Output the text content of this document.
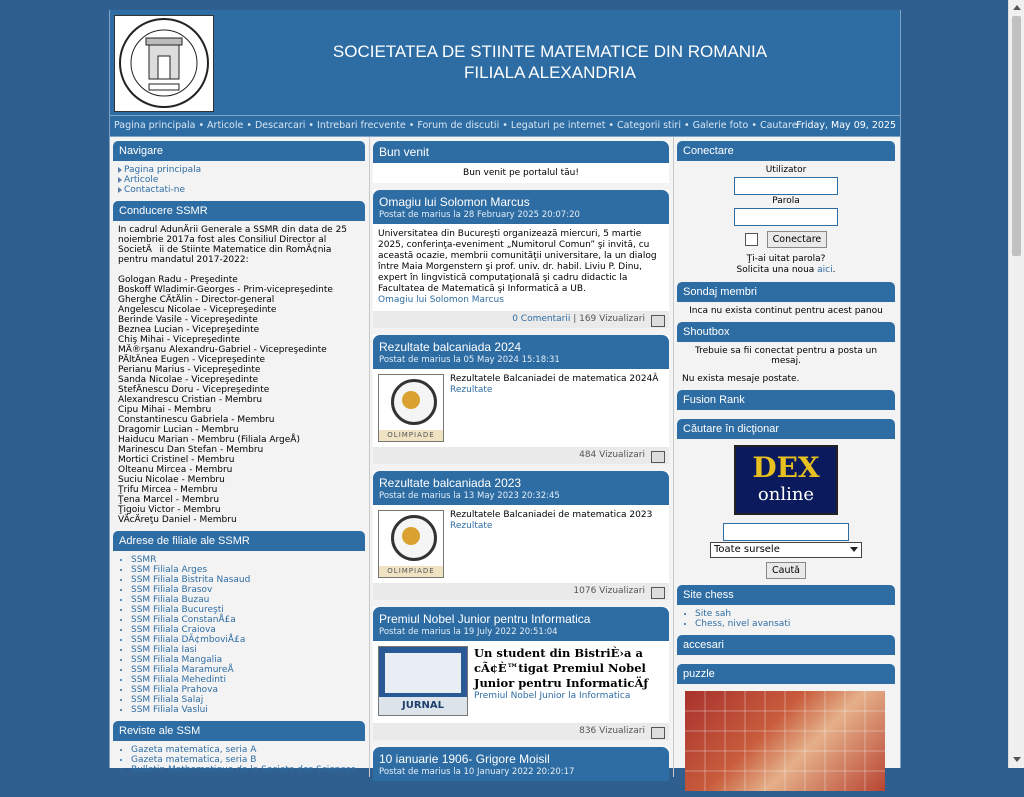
SOCIETATEA DE STIINTE MATEMATICE DIN ROMANIA
FILIALA ALEXANDRIA
Pagina principala • Articole • Descarcari • Intrebari frecvente • Forum de discutii • Legaturi pe internet • Categorii stiri • Galerie foto • Cautare
Friday, May 09, 2025
Navigare
Pagina principala
Articole
Contactati-ne
Conducere SSMR
In cadrul AdunÄrii Generale a SSMR din data de 25 noiembrie 2017a fost ales Consiliul Director al SocietÄii de Stiinte Matematice din RomÃ¢nia pentru mandatul 2017-2022:
Gologan Radu - Preşedinte
Boskoff Wladimir-Georges - Prim-vicepreşedinte
Gherghe CÄtÄlin - Director-general
Angelescu Nicolae - Vicepreşedinte
Berinde Vasile - Vicepreşedinte
Beznea Lucian - Vicepreşedinte
Chiş Mihai - Vicepreşedinte
MÄ®rşanu Alexandru-Gabriel - Vicepreşedinte
PÄltÄnea Eugen - Vicepreşedinte
Perianu Marius - Vicepreşedinte
Sanda Nicolae - Vicepreşedinte
StefÄnescu Doru - Vicepreşedinte
Alexandrescu Cristian - Membru
Cipu Mihai - Membru
Constantinescu Gabriela - Membru
Dragomir Lucian - Membru
Haiducu Marian - Membru (Filiala ArgeÅ)
Marinescu Dan Stefan - Membru
Mortici Cristinel - Membru
Olteanu Mircea - Membru
Suciu Nicolae - Membru
Ţrifu Mircea - Membru
Ţena Marcel - Membru
Ţigoiu Victor - Membru
VÄcÄreţu Daniel - Membru
Adrese de filiale ale SSMR
• SSMR
• SSM Filiala Arges
• SSM Filiala Bistrita Nasaud
• SSM Filiala Brasov
• SSM Filiala Buzau
• SSM Filiala Bucureşti
• SSM Filiala ConstanÅ£a
• SSM Filiala Craiova
• SSM Filiala DÃ¢mboviÅ£a
• SSM Filiala Iasi
• SSM Filiala Mangalia
• SSM Filiala MaramureÅ
• SSM Filiala Mehedinti
• SSM Filiala Prahova
• SSM Filiala Salaj
• SSM Filiala Vaslui
Reviste ale SSM
• Gazeta matematica, seria A
• Gazeta matematica, seria B
• Bulletin Mathematique de la Societe des Sciences
Bun venit
Bun venit pe portalul tău!
Omagiu lui Solomon Marcus
Postat de marius la 28 February 2025 20:07:20
Universitatea din Bucureşti organizează miercuri, 5 martie 2025, conferinţa-eveniment „Numitorul Comun” şi invită, cu această ocazie, membrii comunităţii universitare, la un dialog între Maia Morgenstern şi prof. univ. dr. habil. Liviu P. Dinu, expert în lingvistică computaţională şi cadru didactic la Facultatea de Matematică şi Informatică a UB.
Omagiu lui Solomon Marcus
0 Comentarii | 169 Vizualizari
Rezultate balcaniada 2024
Postat de marius la 05 May 2024 15:18:31
OLIMPIADE
Rezultatele Balcaniadei de matematica 2024Â Rezultate
484 Vizualizari
Rezultate balcaniada 2023
Postat de marius la 13 May 2023 20:32:45
OLIMPIADE
Rezultatele Balcaniadei de matematica 2023
Rezultate
1076 Vizualizari
Premiul Nobel Junior pentru Informatica
Postat de marius la 19 July 2022 20:51:04
JURNAL
Un student din BistriÈ›a a cÃ¢È™tigat Premiul Nobel Junior pentru InformaticÄƒ
Premiul Nobel Junior la Informatica
836 Vizualizari
10 ianuarie 1906- Grigore Moisil
Postat de marius la 10 January 2022 20:20:17
Conectare
Utilizator
Parola
Conectare
Ţi-ai uitat parola?
Solicita una noua aici.
Sondaj membri
Inca nu exista continut pentru acest panou
Shoutbox
Trebuie sa fii conectat pentru a posta un mesaj.
Nu exista mesaje postate.
Fusion Rank
Căutare în dicţionar
DEX
online
Toate sursele
Caută
Site chess
• Site sah
• Chess, nivel avansati
accesari
puzzle
